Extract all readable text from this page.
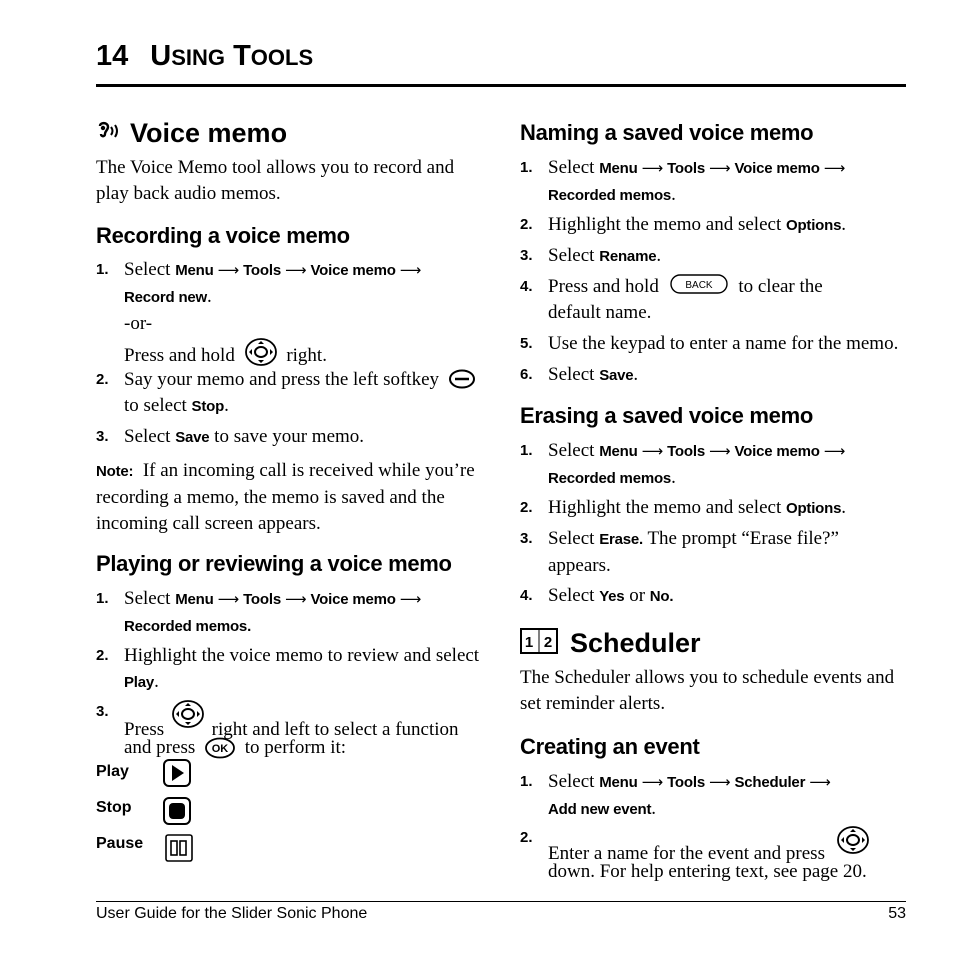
14 USING TOOLS
Voice memo
The Voice Memo tool allows you to record and
play back audio memos.
Recording a voice memo
1. Select Menu ⟶ Tools ⟶ Voice memo ⟶
Record new.
-or-
Press and hold	right.
2. Say your memo and press the left softkey
to select Stop.
3. Select Save to save your memo.
Note: If an incoming call is received while you’re
recording a memo, the memo is saved and the
incoming call screen appears.
Playing or reviewing a voice memo
1. Select Menu ⟶ Tools ⟶ Voice memo ⟶
Recorded memos.
2. Highlight the voice memo to review and select
Play.
3.
Press	right and left to select a function
and press OK to perform it:
Play
Stop
Pause
Naming a saved voice memo
1. Select Menu ⟶ Tools ⟶ Voice memo ⟶
Recorded memos.
2. Highlight the memo and select Options.
3. Select Rename.
4. Press and hold	BACK to clear the
default name.
5. Use the keypad to enter a name for the memo.
6. Select Save.
Erasing a saved voice memo
1. Select Menu ⟶ Tools ⟶ Voice memo ⟶
Recorded memos.
2. Highlight the memo and select Options.
3. Select Erase. The prompt “Erase file?”
appears.
4. Select Yes or No.
1 2 Scheduler
The Scheduler allows you to schedule events and
set reminder alerts.
Creating an event
1. Select Menu ⟶ Tools ⟶ Scheduler ⟶
Add new event.
2.
Enter a name for the event and press
down. For help entering text, see page 20.
User Guide for the Slider Sonic Phone	53
